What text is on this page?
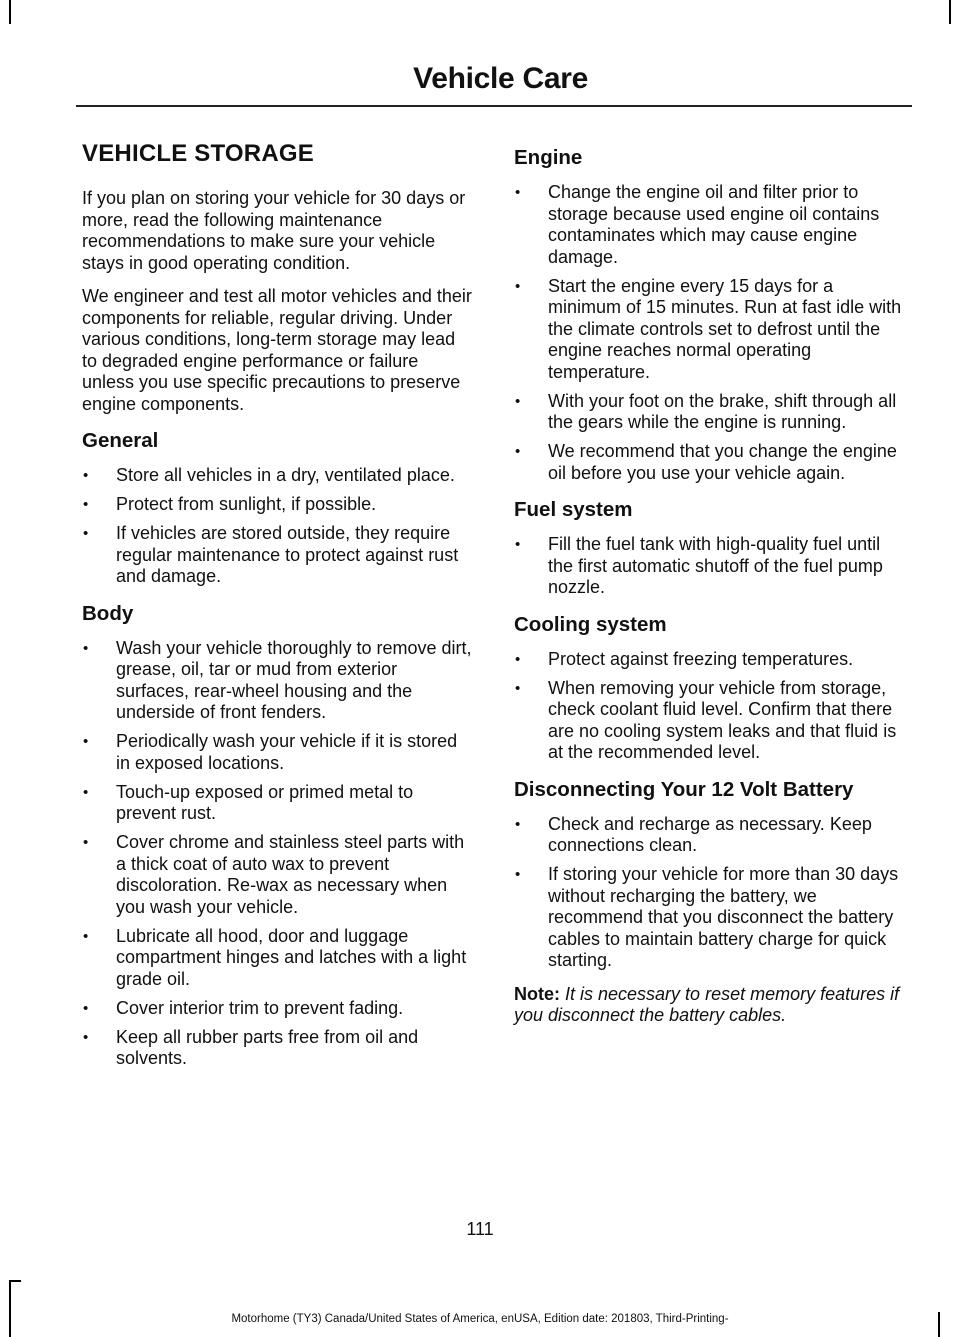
Vehicle Care
VEHICLE STORAGE

If you plan on storing your vehicle for 30 days or more, read the following maintenance recommendations to make sure your vehicle stays in good operating condition.

We engineer and test all motor vehicles and their components for reliable, regular driving. Under various conditions, long-term storage may lead to degraded engine performance or failure unless you use specific precautions to preserve engine components.

General
• Store all vehicles in a dry, ventilated place.
• Protect from sunlight, if possible.
• If vehicles are stored outside, they require regular maintenance to protect against rust and damage.
Body
• Wash your vehicle thoroughly to remove dirt, grease, oil, tar or mud from exterior surfaces, rear-wheel housing and the underside of front fenders.
• Periodically wash your vehicle if it is stored in exposed locations.
• Touch-up exposed or primed metal to prevent rust.
• Cover chrome and stainless steel parts with a thick coat of auto wax to prevent discoloration. Re-wax as necessary when you wash your vehicle.
• Lubricate all hood, door and luggage compartment hinges and latches with a light grade oil.
• Cover interior trim to prevent fading.
• Keep all rubber parts free from oil and solvents.
Engine
• Change the engine oil and filter prior to storage because used engine oil contains contaminates which may cause engine damage.
• Start the engine every 15 days for a minimum of 15 minutes. Run at fast idle with the climate controls set to defrost until the engine reaches normal operating temperature.
• With your foot on the brake, shift through all the gears while the engine is running.
• We recommend that you change the engine oil before you use your vehicle again.
Fuel system
• Fill the fuel tank with high-quality fuel until the first automatic shutoff of the fuel pump nozzle.
Cooling system
• Protect against freezing temperatures.
• When removing your vehicle from storage, check coolant fluid level. Confirm that there are no cooling system leaks and that fluid is at the recommended level.
Disconnecting Your 12 Volt Battery
• Check and recharge as necessary. Keep connections clean.
• If storing your vehicle for more than 30 days without recharging the battery, we recommend that you disconnect the battery cables to maintain battery charge for quick starting.

Note: It is necessary to reset memory features if you disconnect the battery cables.

111
Motorhome (TY3) Canada/United States of America, enUSA, Edition date: 201803, Third-Printing-
